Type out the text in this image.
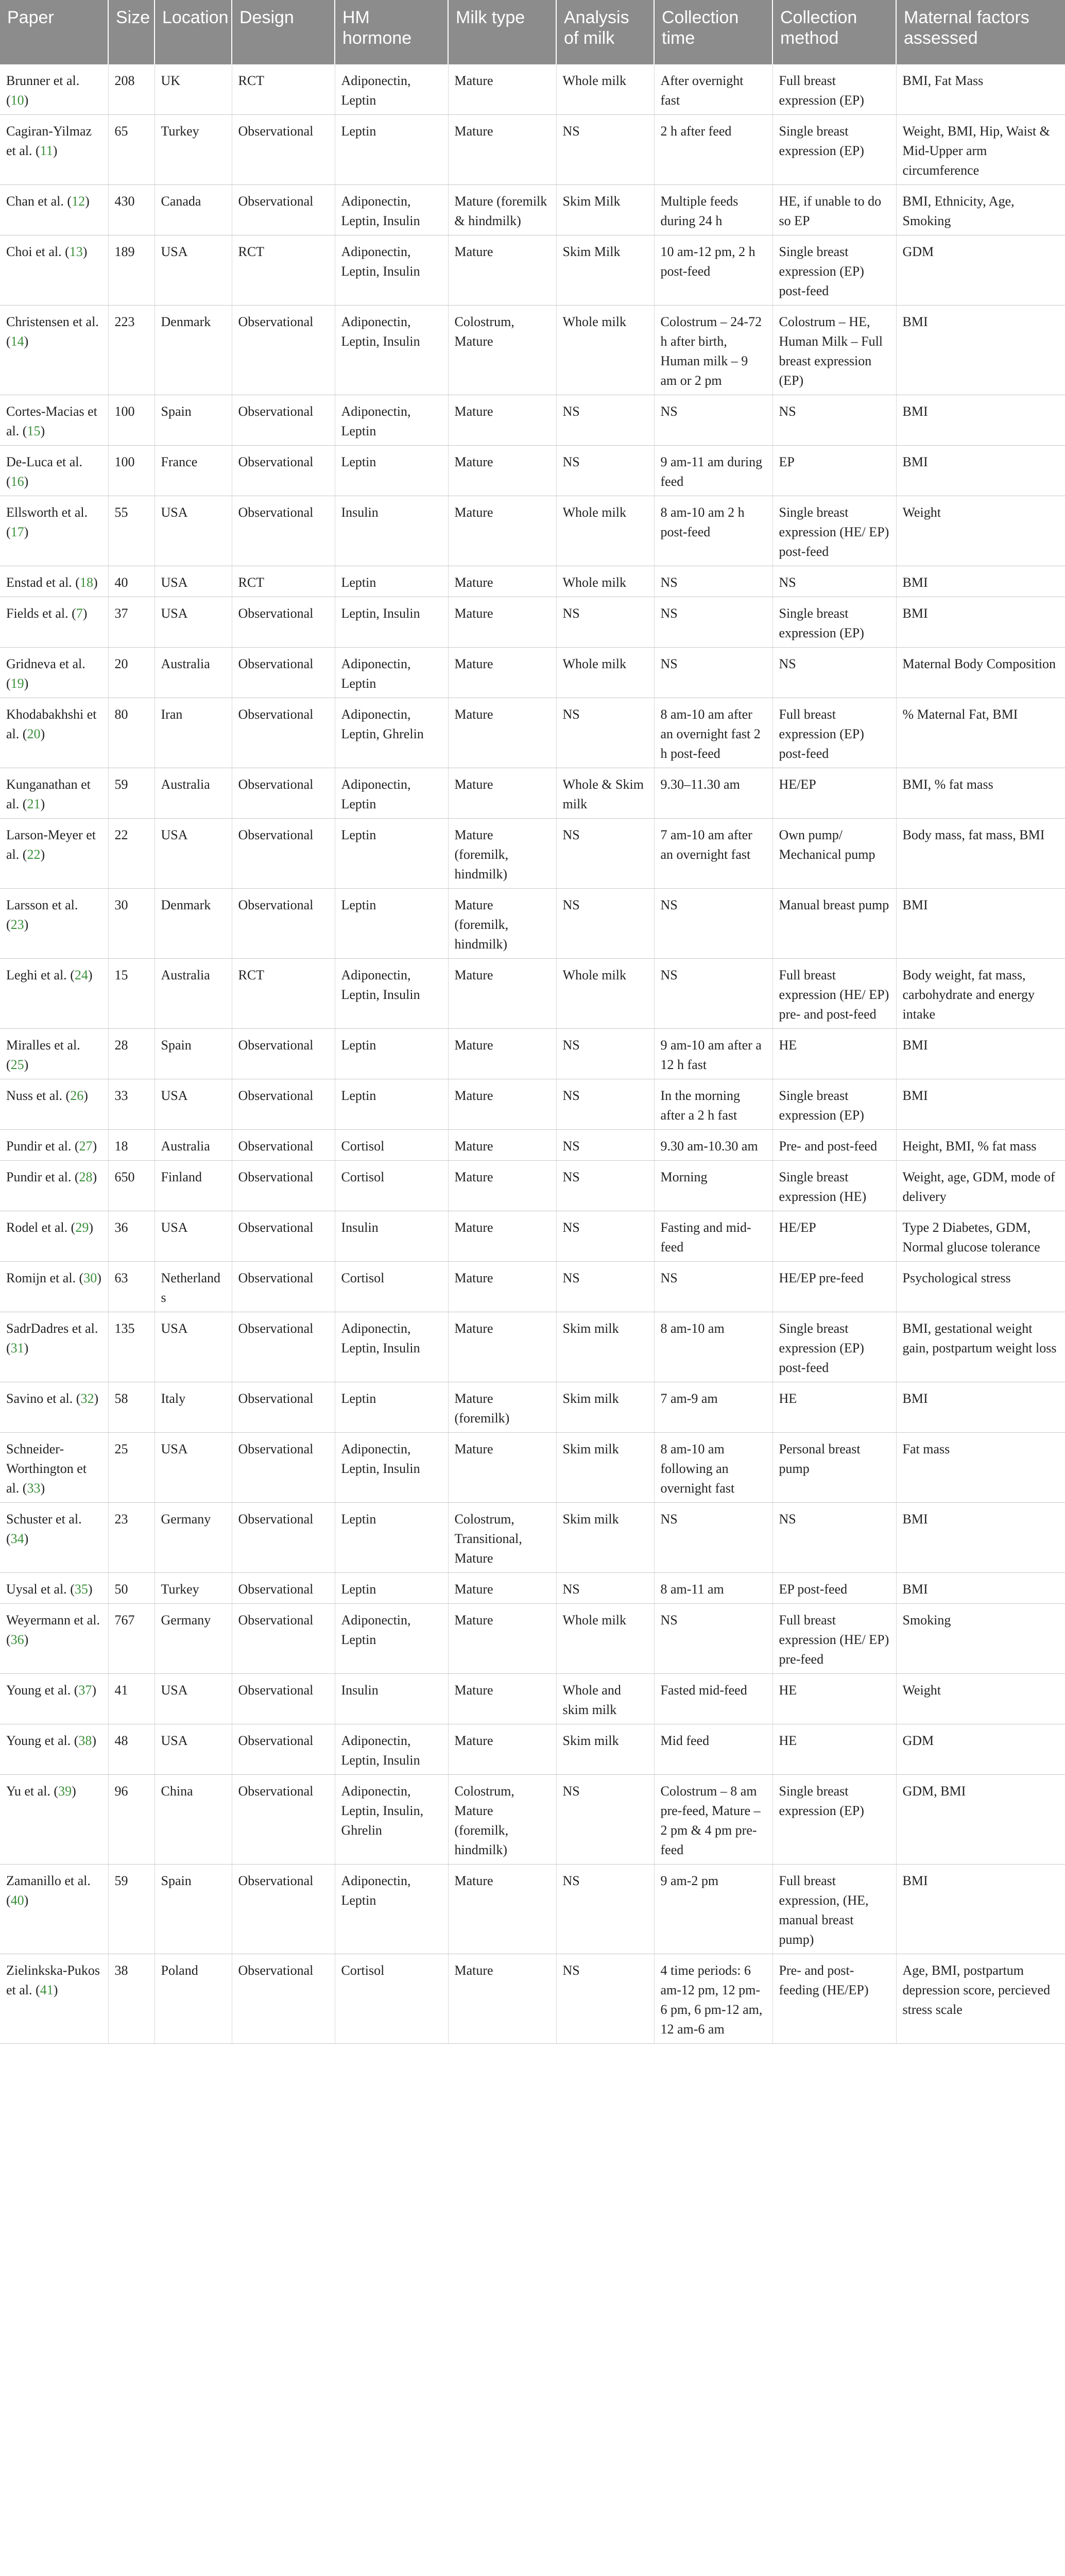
Paper	Size	Location	Design	HM hormone	Milk type	Analysis of milk	Collection time	Collection method	Maternal factors assessed
Brunner et al. (10)	208	UK	RCT	Adiponectin, Leptin	Mature	Whole milk	After overnight fast	Full breast expression (EP)	BMI, Fat Mass
Cagiran-Yilmaz et al. (11)	65	Turkey	Observational	Leptin	Mature	NS	2 h after feed	Single breast expression (EP)	Weight, BMI, Hip, Waist & Mid-Upper arm circumference
Chan et al. (12)	430	Canada	Observational	Adiponectin, Leptin, Insulin	Mature (foremilk & hindmilk)	Skim Milk	Multiple feeds during 24 h	HE, if unable to do so EP	BMI, Ethnicity, Age, Smoking
Choi et al. (13)	189	USA	RCT	Adiponectin, Leptin, Insulin	Mature	Skim Milk	10 am-12 pm, 2 h post-feed	Single breast expression (EP) post-feed	GDM
Christensen et al. (14)	223	Denmark	Observational	Adiponectin, Leptin, Insulin	Colostrum, Mature	Whole milk	Colostrum – 24-72 h after birth, Human milk – 9 am or 2 pm	Colostrum – HE, Human Milk – Full breast expression (EP)	BMI
Cortes-Macias et al. (15)	100	Spain	Observational	Adiponectin, Leptin	Mature	NS	NS	NS	BMI
De-Luca et al. (16)	100	France	Observational	Leptin	Mature	NS	9 am-11 am during feed	EP	BMI
Ellsworth et al. (17)	55	USA	Observational	Insulin	Mature	Whole milk	8 am-10 am 2 h post-feed	Single breast expression (HE/ EP) post-feed	Weight
Enstad et al. (18)	40	USA	RCT	Leptin	Mature	Whole milk	NS	NS	BMI
Fields et al. (7)	37	USA	Observational	Leptin, Insulin	Mature	NS	NS	Single breast expression (EP)	BMI
Gridneva et al. (19)	20	Australia	Observational	Adiponectin, Leptin	Mature	Whole milk	NS	NS	Maternal Body Composition
Khodabakhshi et al. (20)	80	Iran	Observational	Adiponectin, Leptin, Ghrelin	Mature	NS	8 am-10 am after an overnight fast 2 h post-feed	Full breast expression (EP) post-feed	% Maternal Fat, BMI
Kunganathan et al. (21)	59	Australia	Observational	Adiponectin, Leptin	Mature	Whole & Skim milk	9.30–11.30 am	HE/EP	BMI, % fat mass
Larson-Meyer et al. (22)	22	USA	Observational	Leptin	Mature (foremilk, hindmilk)	NS	7 am-10 am after an overnight fast	Own pump/ Mechanical pump	Body mass, fat mass, BMI
Larsson et al. (23)	30	Denmark	Observational	Leptin	Mature (foremilk, hindmilk)	NS	NS	Manual breast pump	BMI
Leghi et al. (24)	15	Australia	RCT	Adiponectin, Leptin, Insulin	Mature	Whole milk	NS	Full breast expression (HE/ EP) pre- and post-feed	Body weight, fat mass, carbohydrate and energy intake
Miralles et al. (25)	28	Spain	Observational	Leptin	Mature	NS	9 am-10 am after a 12 h fast	HE	BMI
Nuss et al. (26)	33	USA	Observational	Leptin	Mature	NS	In the morning after a 2 h fast	Single breast expression (EP)	BMI
Pundir et al. (27)	18	Australia	Observational	Cortisol	Mature	NS	9.30 am-10.30 am	Pre- and post-feed	Height, BMI, % fat mass
Pundir et al. (28)	650	Finland	Observational	Cortisol	Mature	NS	Morning	Single breast expression (HE)	Weight, age, GDM, mode of delivery
Rodel et al. (29)	36	USA	Observational	Insulin	Mature	NS	Fasting and mid-feed	HE/EP	Type 2 Diabetes, GDM, Normal glucose tolerance
Romijn et al. (30)	63	Netherlands	Observational	Cortisol	Mature	NS	NS	HE/EP pre-feed	Psychological stress
SadrDadres et al. (31)	135	USA	Observational	Adiponectin, Leptin, Insulin	Mature	Skim milk	8 am-10 am	Single breast expression (EP) post-feed	BMI, gestational weight gain, postpartum weight loss
Savino et al. (32)	58	Italy	Observational	Leptin	Mature (foremilk)	Skim milk	7 am-9 am	HE	BMI
Schneider-Worthington et al. (33)	25	USA	Observational	Adiponectin, Leptin, Insulin	Mature	Skim milk	8 am-10 am following an overnight fast	Personal breast pump	Fat mass
Schuster et al. (34)	23	Germany	Observational	Leptin	Colostrum, Transitional, Mature	Skim milk	NS	NS	BMI
Uysal et al. (35)	50	Turkey	Observational	Leptin	Mature	NS	8 am-11 am	EP post-feed	BMI
Weyermann et al. (36)	767	Germany	Observational	Adiponectin, Leptin	Mature	Whole milk	NS	Full breast expression (HE/ EP) pre-feed	Smoking
Young et al. (37)	41	USA	Observational	Insulin	Mature	Whole and skim milk	Fasted mid-feed	HE	Weight
Young et al. (38)	48	USA	Observational	Adiponectin, Leptin, Insulin	Mature	Skim milk	Mid feed	HE	GDM
Yu et al. (39)	96	China	Observational	Adiponectin, Leptin, Insulin, Ghrelin	Colostrum, Mature (foremilk, hindmilk)	NS	Colostrum – 8 am pre-feed, Mature – 2 pm & 4 pm pre-feed	Single breast expression (EP)	GDM, BMI
Zamanillo et al. (40)	59	Spain	Observational	Adiponectin, Leptin	Mature	NS	9 am-2 pm	Full breast expression, (HE, manual breast pump)	BMI
Zielinkska-Pukos et al. (41)	38	Poland	Observational	Cortisol	Mature	NS	4 time periods: 6 am-12 pm, 12 pm-6 pm, 6 pm-12 am, 12 am-6 am	Pre- and post-feeding (HE/EP)	Age, BMI, postpartum depression score, percieved stress scale
